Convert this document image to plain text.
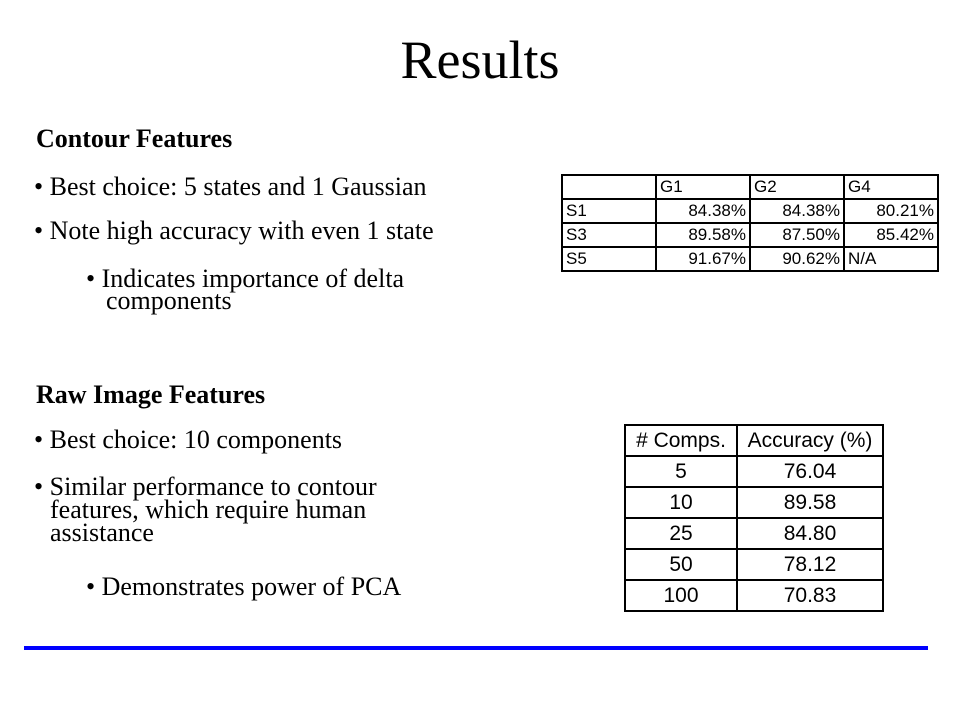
Results
Contour Features
• Best choice: 5 states and 1 Gaussian
• Note high accuracy with even 1 state
• Indicates importance of delta
components
Raw Image Features
• Best choice: 10 components
• Similar performance to contour
features, which require human
assistance
• Demonstrates power of PCA
	G1	G2	G4
S1	84.38%	84.38%	80.21%
S3	89.58%	87.50%	85.42%
S5	91.67%	90.62%	N/A
# Comps.	Accuracy (%)
5	76.04
10	89.58
25	84.80
50	78.12
100	70.83
